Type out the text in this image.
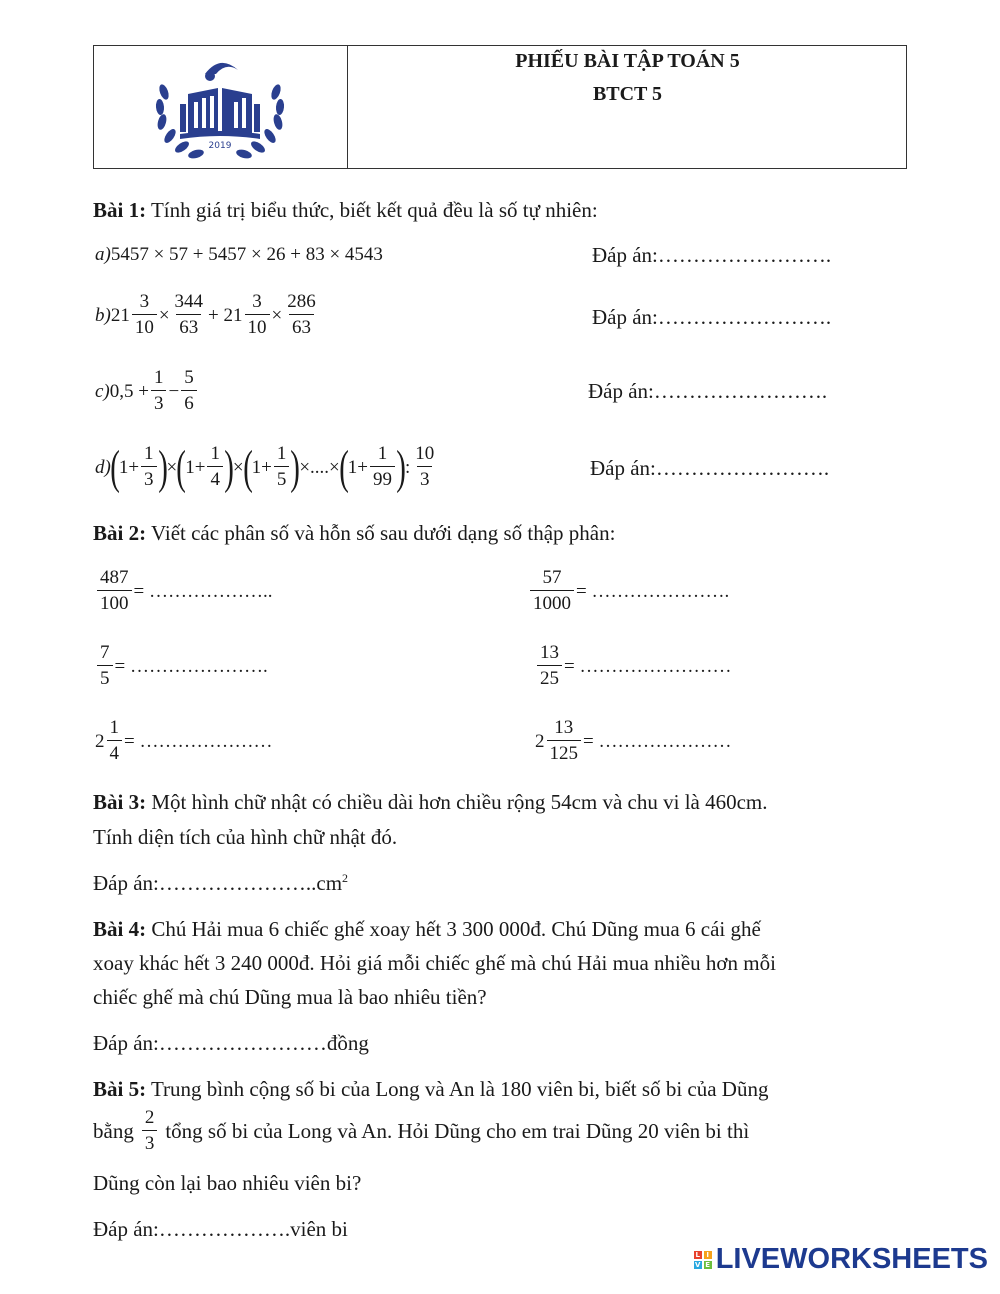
2019
PHIẾU BÀI TẬP TOÁN 5
BTCT 5
Bài 1: Tính giá trị biểu thức, biết kết quả đều là số tự nhiên:
a) 5457 × 57 + 5457 × 26 + 83 × 4543	Đáp án:…………………….
b) $21 \frac{3}{10} \times \frac{344}{63} + 21 \frac{3}{10} \times \frac{286}{63}$	Đáp án:…………………….
c) $0,5 + \frac{1}{3} - \frac{5}{6}$	Đáp án:…………………….
d) ( $1+ \frac{1}{3}$ ) × ( $1+ \frac{1}{4}$ ) × ( $1+ \frac{1}{5}$ ) × .... × ( $1+ \frac{1}{99}$ ) : $\frac{10}{3}$	Đáp án:…………………….
Bài 2: Viết các phân số và hỗn số sau dưới dạng số thập phân:
$\frac{487}{100}$ = ………………..	$\frac{57}{1000}$ = ………………….
$\frac{7}{5}$ = ………………….	$\frac{13}{25}$ = ……………………
$2 \frac{1}{4}$ = …………………	$2 \frac{13}{125}$ = …………………
Bài 3: Một hình chữ nhật có chiều dài hơn chiều rộng 54cm và chu vi là 460cm.
Tính diện tích của hình chữ nhật đó.
Đáp $án:\dots\dots\dots\dots\dots\dots\dots..cm^2$
Bài 4: Chú Hải mua 6 chiếc ghế xoay hết 3 300 000đ. Chú Dũng mua 6 cái ghế
xoay khác hết 3 240 000đ. Hỏi giá mỗi chiếc ghế mà chú Hải mua nhiều hơn mỗi
chiếc ghế mà chú Dũng mua là bao nhiêu tiền?
Đáp án:……………………đồng
Bài 5: Trung bình cộng số bi của Long và An là 180 viên bi, biết số bi của Dũng
bằng $\frac{2}{3}$ tổng số bi của Long và An. Hỏi Dũng cho em trai Dũng 20 viên bi thì
Dũng còn lại bao nhiêu viên bi?
Đáp án:……………….viên bi
L I
V E LIVEWORKSHEETS
